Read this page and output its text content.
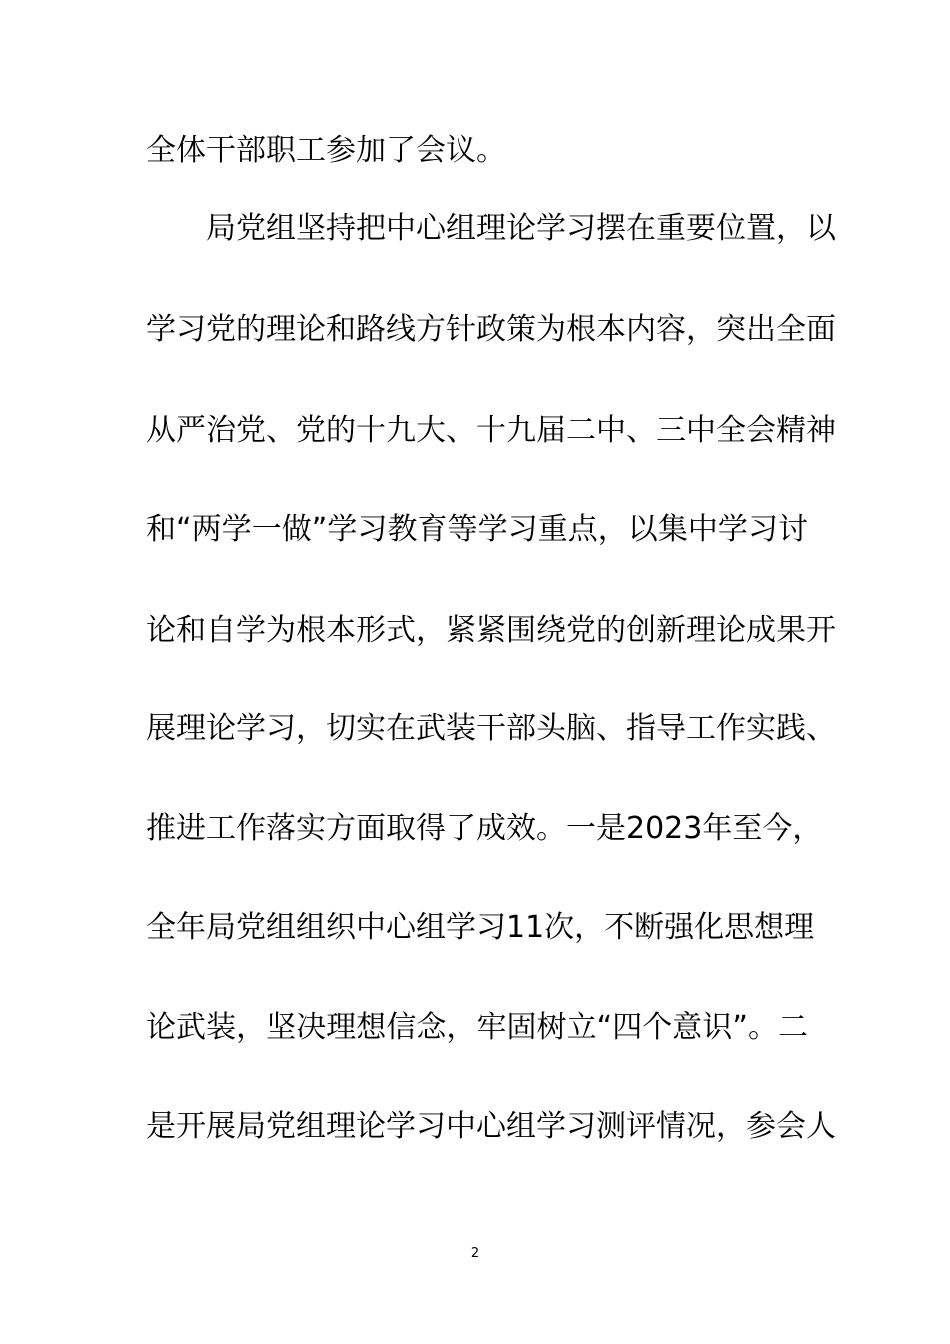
全体干部职工参加了会议。
局党组坚持把中心组理论学习摆在重要位置，以
学习党的理论和路线方针政策为根本内容，突出全面
从严治党、党的十九大、十九届二中、三中全会精神
和“两学一做”学习教育等学习重点，以集中学习讨
论和自学为根本形式，紧紧围绕党的创新理论成果开
展理论学习，切实在武装干部头脑、指导工作实践、
推进工作落实方面取得了成效。一是2023年至今，
全年局党组组织中心组学习11次，不断强化思想理
论武装，坚决理想信念，牢固树立“四个意识”。二
是开展局党组理论学习中心组学习测评情况，参会人
2
